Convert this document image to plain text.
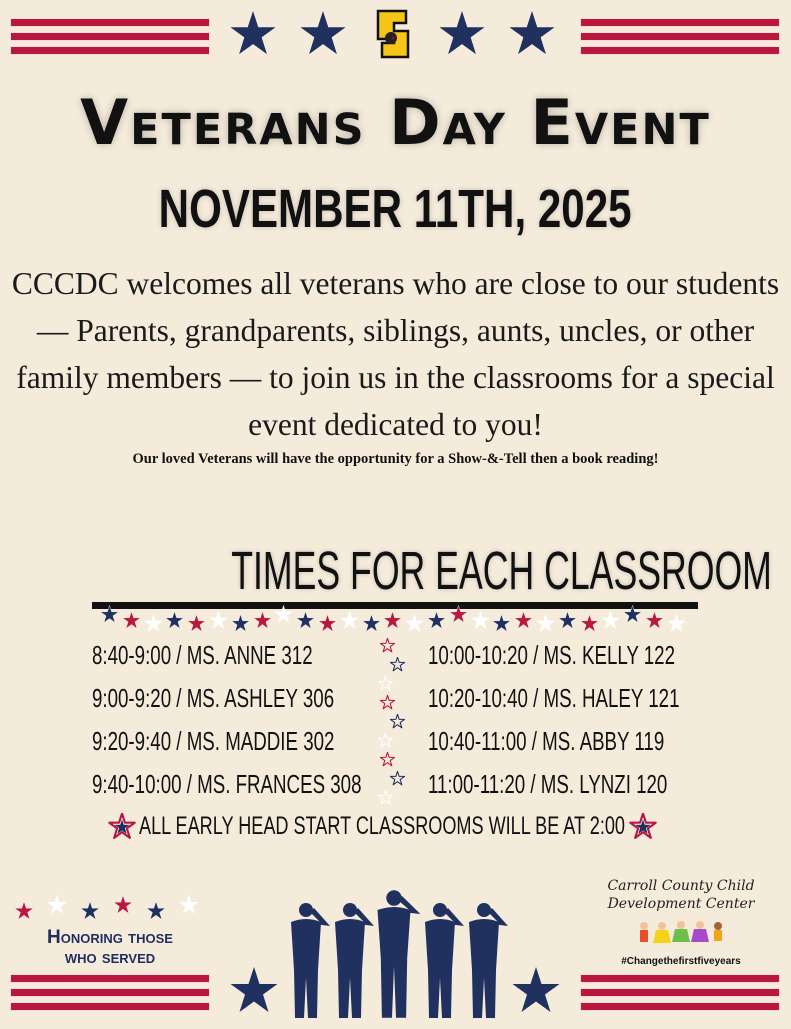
Veterans Day Event
NOVEMBER 11TH, 2025
CCCDC welcomes all veterans who are close to our students — Parents, grandparents, siblings, aunts, uncles, or other family members — to join us in the classrooms for a special event dedicated to you!
Our loved Veterans will have the opportunity for a Show-&-Tell then a book reading!
TIMES FOR EACH CLASSROOM
8:40-9:00 / MS. ANNE 312
9:00-9:20 / MS. ASHLEY 306
9:20-9:40 / MS. MADDIE 302
9:40-10:00 / MS. FRANCES 308
10:00-10:20 / MS. KELLY 122
10:20-10:40 / MS. HALEY 121
10:40-11:00 / MS. ABBY 119
11:00-11:20 / MS. LYNZI 120
ALL EARLY HEAD START CLASSROOMS WILL BE AT 2:00
Honoring those
who served
Carroll County Child
Development Center
#Changethefirstfiveyears
